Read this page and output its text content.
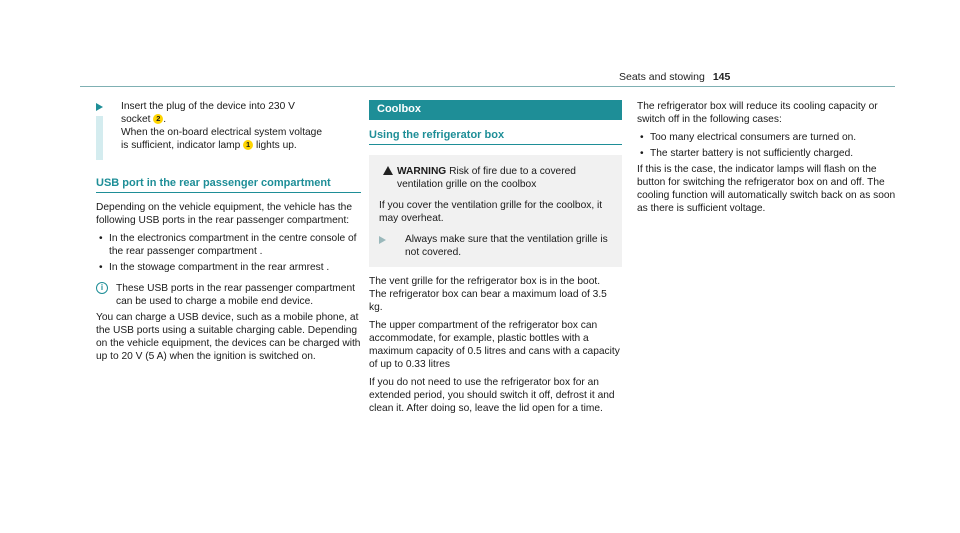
Seats and stowing 145
Insert the plug of the device into 230 V
socket 2 .
When the on-board electrical system voltage
is sufficient, indicator lamp 1 lights up.
USB port in the rear passenger compartment

Depending on the vehicle equipment, the vehicle has the following USB ports in the rear passenger compartment:

• In the electronics compartment in the centre console of the rear passenger compartment .
• In the stowage compartment in the rear armrest .
i	These USB ports in the rear passenger compartment can be used to charge a mobile end device.

You can charge a USB device, such as a mobile phone, at the USB ports using a suitable charging cable. Depending on the vehicle equipment, the devices can be charged with up to 20 V (5 A) when the ignition is switched on.

Coolbox
Using the refrigerator box
WARNING Risk of fire due to a covered ventilation grille on the coolbox

If you cover the ventilation grille for the coolbox, it may overheat.

Always make sure that the ventilation grille is not covered.

The vent grille for the refrigerator box is in the boot.

The refrigerator box can bear a maximum load of 3.5 kg.

The upper compartment of the refrigerator box can accommodate, for example, plastic bottles with a maximum capacity of 0.5 litres and cans with a capacity of up to 0.33 litres

If you do not need to use the refrigerator box for an extended period, you should switch it off, defrost it and clean it. After doing so, leave the lid open for a time.

The refrigerator box will reduce its cooling capacity or switch off in the following cases:

• Too many electrical consumers are turned on.
• The starter battery is not sufficiently charged.

If this is the case, the indicator lamps will flash on the button for switching the refrigerator box on and off. The cooling function will automatically switch back on as soon as there is sufficient voltage.
